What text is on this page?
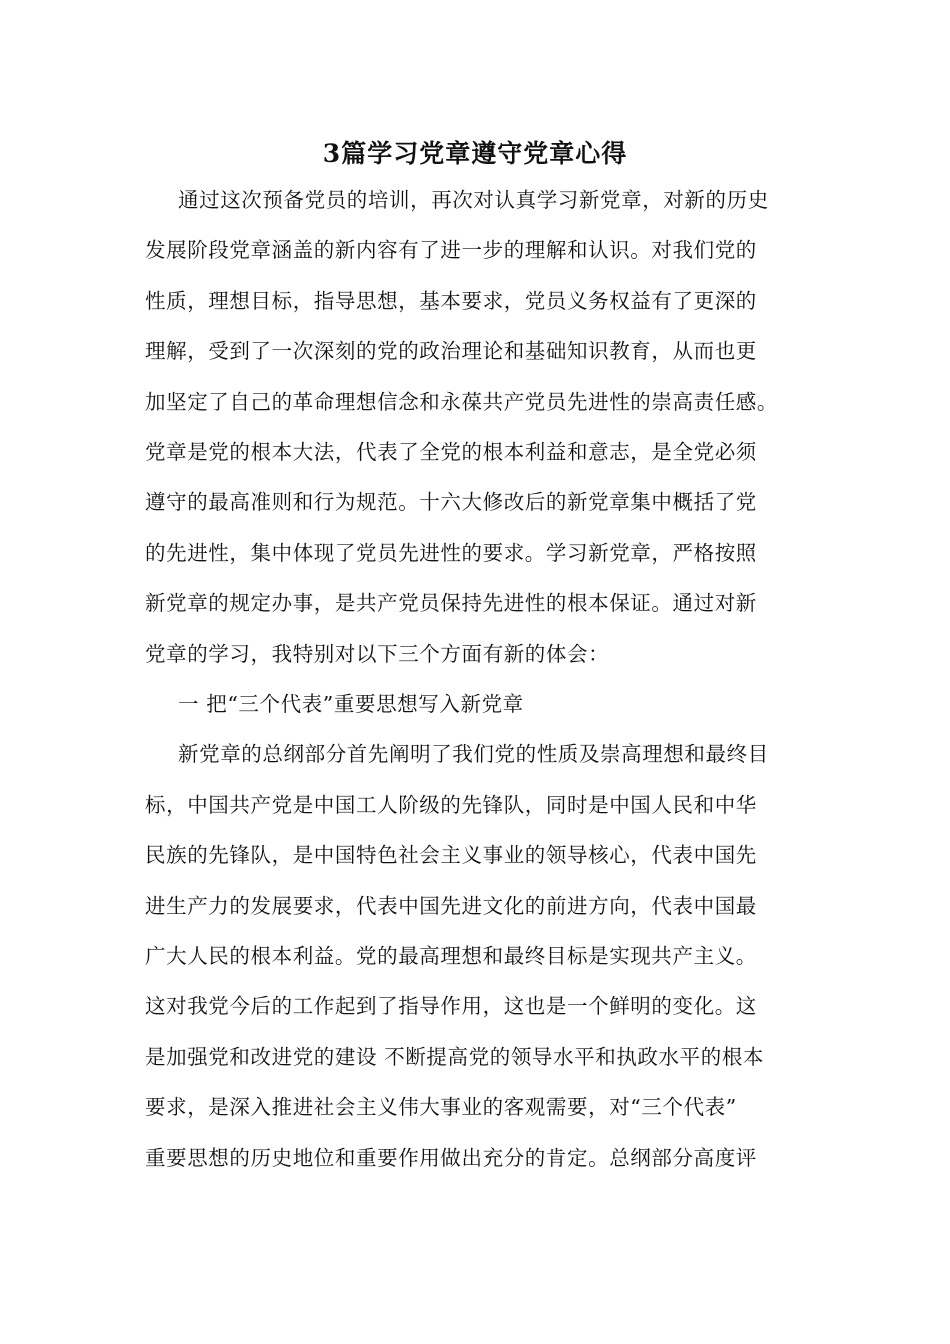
3篇学习党章遵守党章心得
通过这次预备党员的培训，再次对认真学习新党章，对新的历史
发展阶段党章涵盖的新内容有了进一步的理解和认识。对我们党的
性质，理想目标，指导思想，基本要求，党员义务权益有了更深的
理解，受到了一次深刻的党的政治理论和基础知识教育，从而也更
加坚定了自己的革命理想信念和永葆共产党员先进性的崇高责任感。
党章是党的根本大法，代表了全党的根本利益和意志，是全党必须
遵守的最高准则和行为规范。十六大修改后的新党章集中概括了党
的先进性，集中体现了党员先进性的要求。学习新党章，严格按照
新党章的规定办事，是共产党员保持先进性的根本保证。通过对新
党章的学习，我特别对以下三个方面有新的体会：
一 把“三个代表”重要思想写入新党章
新党章的总纲部分首先阐明了我们党的性质及崇高理想和最终目
标，中国共产党是中国工人阶级的先锋队，同时是中国人民和中华
民族的先锋队，是中国特色社会主义事业的领导核心，代表中国先
进生产力的发展要求，代表中国先进文化的前进方向，代表中国最
广大人民的根本利益。党的最高理想和最终目标是实现共产主义。
这对我党今后的工作起到了指导作用，这也是一个鲜明的变化。这
是加强党和改进党的建设 不断提高党的领导水平和执政水平的根本
要求，是深入推进社会主义伟大事业的客观需要，对“三个代表”
重要思想的历史地位和重要作用做出充分的肯定。总纲部分高度评
